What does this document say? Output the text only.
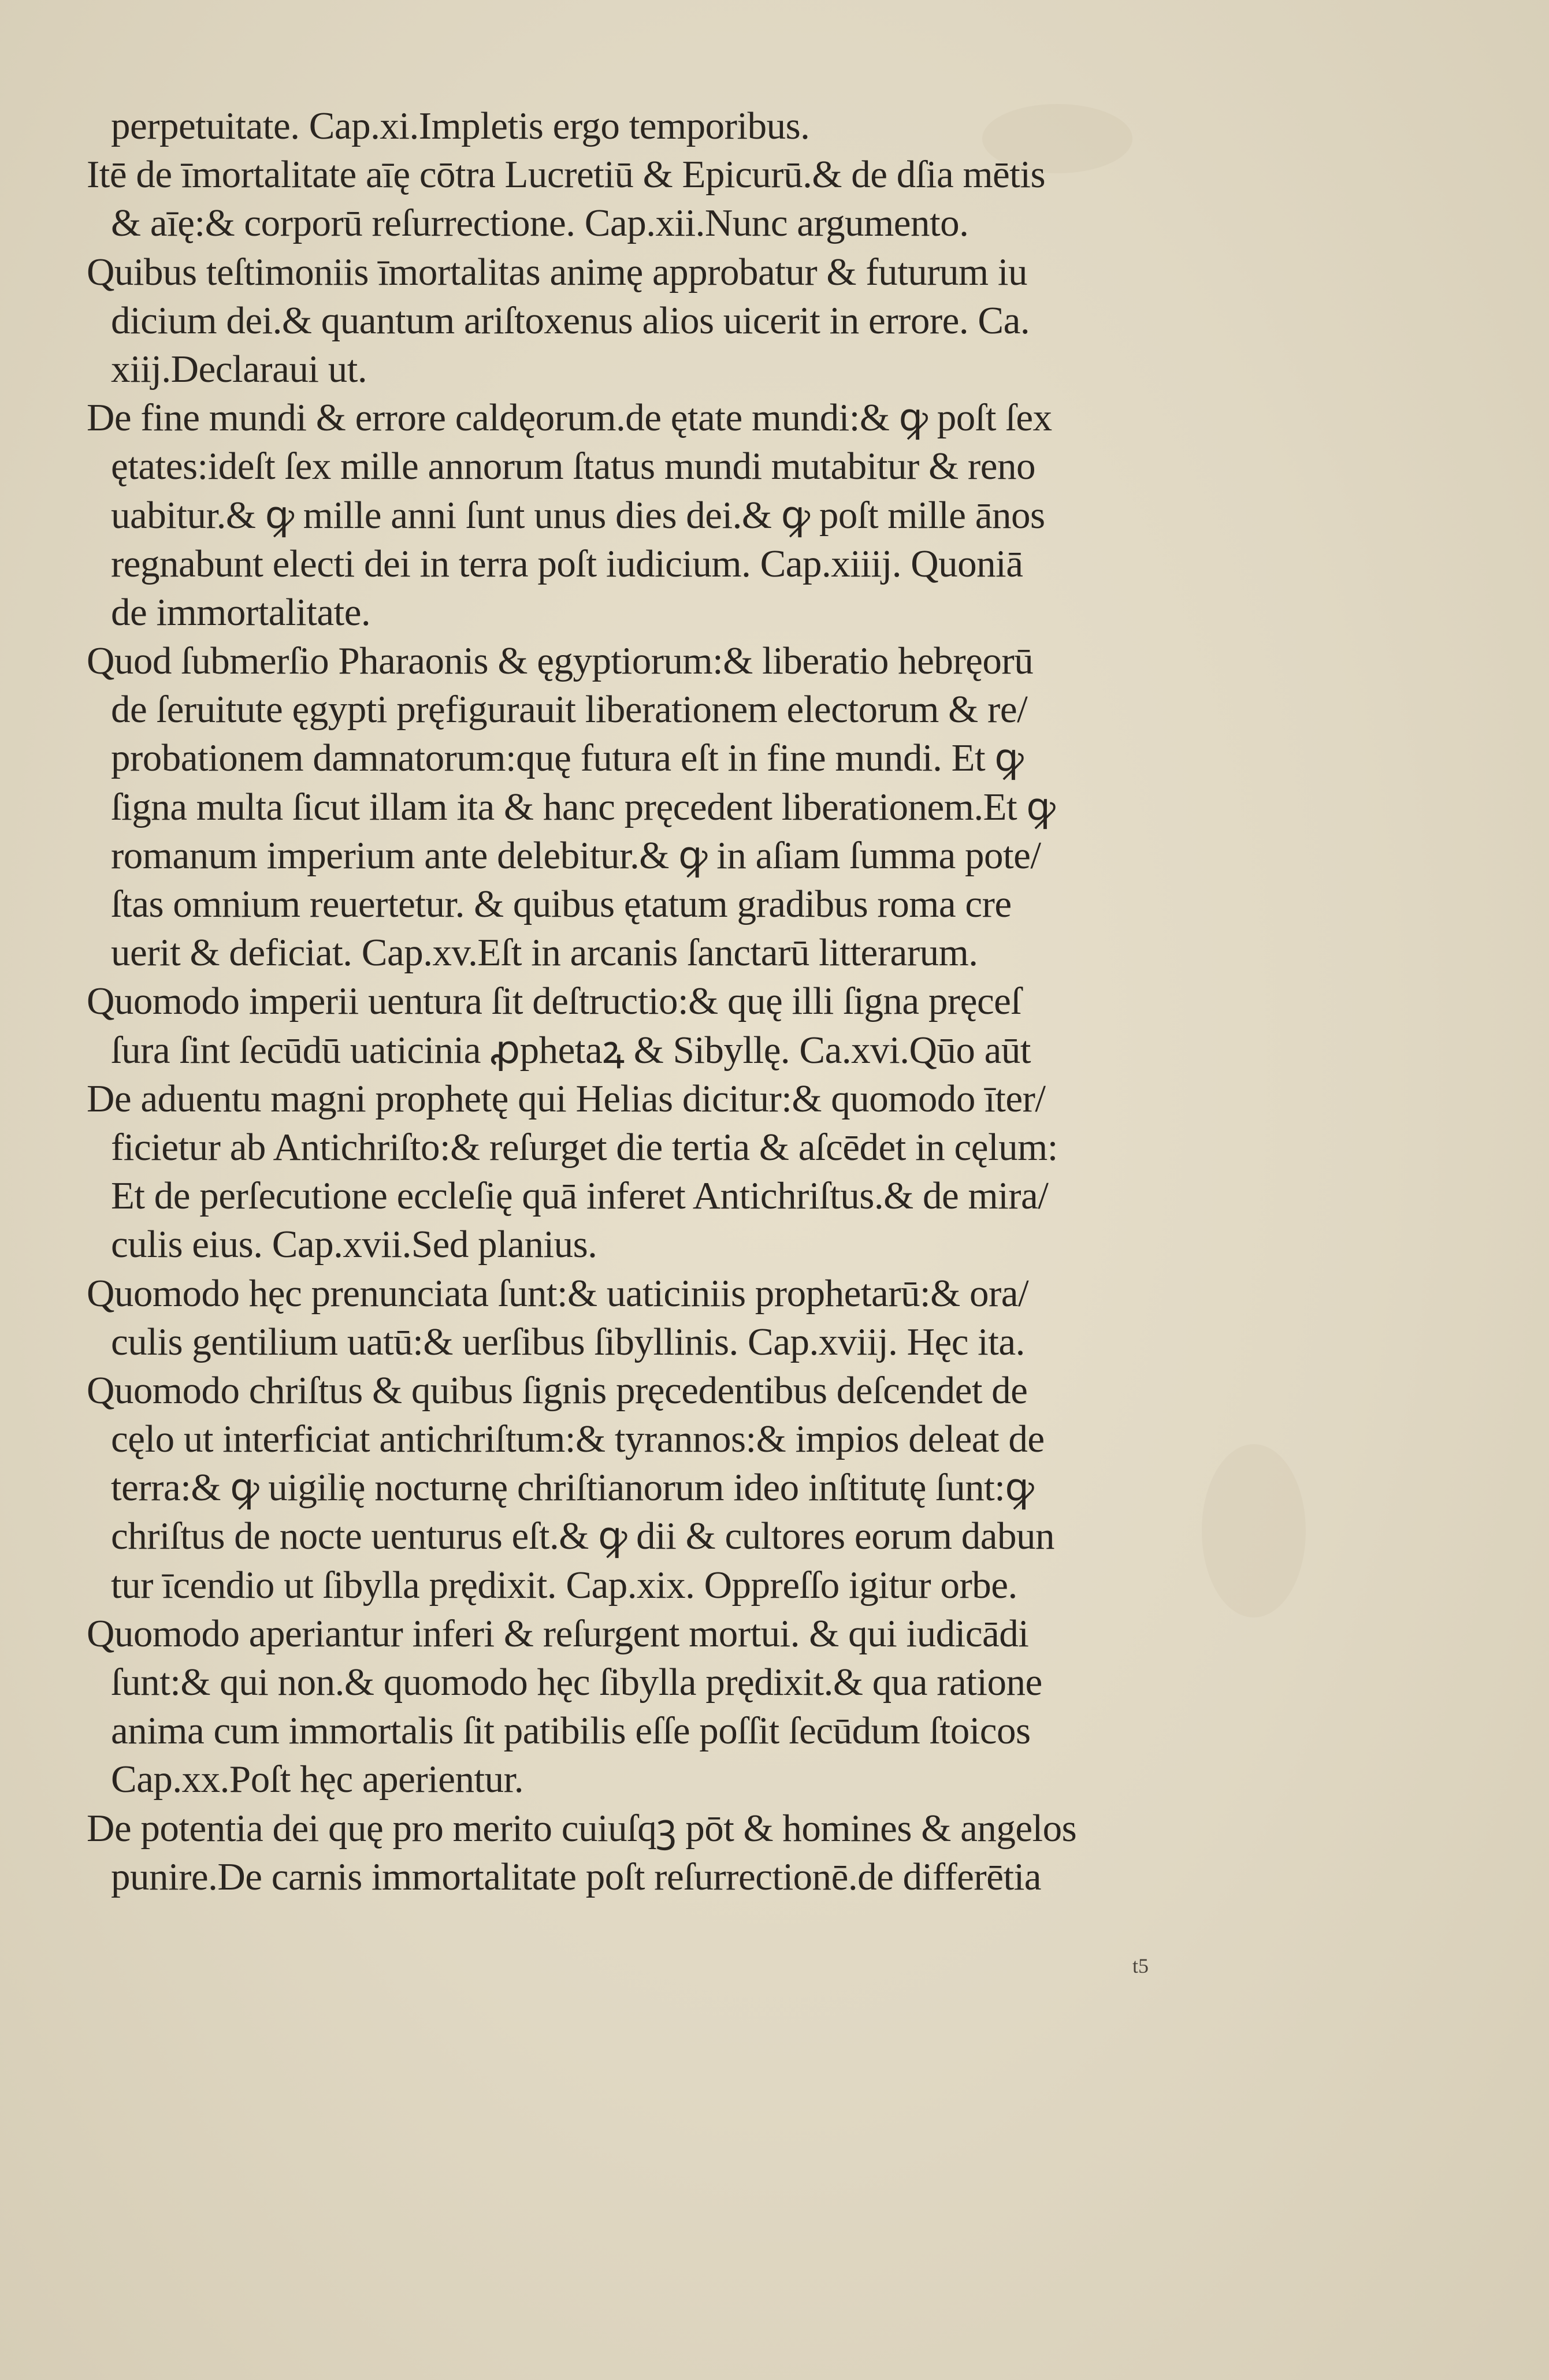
perpetuitate. Cap.xi.Impletis ergo temporibus.
Itē de īmortalitate aīę cōtra Lucretiū & Epicurū.& de dſia mētis
& aīę:& corporū reſurrectione. Cap.xii.Nunc argumento.
Quibus teſtimoniis īmortalitas animę approbatur & futurum iu
dicium dei.& quantum ariſtoxenus alios uicerit in errore. Ca.
xiij.Declaraui ut.
De fine mundi & errore caldęorum.de ętate mundi:& ꝙ poſt ſex
ętates:ideſt ſex mille annorum ſtatus mundi mutabitur & reno
uabitur.& ꝙ mille anni ſunt unus dies dei.& ꝙ poſt mille ānos
regnabunt electi dei in terra poſt iudicium. Cap.xiiij. Quoniā
de immortalitate.
Quod ſubmerſio Pharaonis & ęgyptiorum:& liberatio hebręorū
de ſeruitute ęgypti pręfigurauit liberationem electorum & re/
probationem damnatorum:quę futura eſt in fine mundi. Et ꝙ
ſigna multa ſicut illam ita & hanc pręcedent liberationem.Et ꝙ
romanum imperium ante delebitur.& ꝙ in aſiam ſumma pote/
ſtas omnium reuertetur. & quibus ętatum gradibus roma cre
uerit & deficiat. Cap.xv.Eſt in arcanis ſanctarū litterarum.
Quomodo imperii uentura ſit deſtructio:& quę illi ſigna pręceſ
ſura ſint ſecūdū uaticinia ꝓphetaꝝ & Sibyllę. Ca.xvi.Qūo aūt
De aduentu magni prophetę qui Helias dicitur:& quomodo īter/
ficietur ab Antichriſto:& reſurget die tertia & aſcēdet in cęlum:
Et de perſecutione eccleſię quā inferet Antichriſtus.& de mira/
culis eius. Cap.xvii.Sed planius.
Quomodo hęc prenunciata ſunt:& uaticiniis prophetarū:& ora/
culis gentilium uatū:& uerſibus ſibyllinis. Cap.xviij. Hęc ita.
Quomodo chriſtus & quibus ſignis pręcedentibus deſcendet de
cęlo ut interficiat antichriſtum:& tyrannos:& impios deleat de
terra:& ꝙ uigilię nocturnę chriſtianorum ideo inſtitutę ſunt:ꝙ
chriſtus de nocte uenturus eſt.& ꝙ dii & cultores eorum dabun
tur īcendio ut ſibylla prędixit. Cap.xix. Oppreſſo igitur orbe.
Quomodo aperiantur inferi & reſurgent mortui. & qui iudicādi
ſunt:& qui non.& quomodo hęc ſibylla prędixit.& qua ratione
anima cum immortalis ſit patibilis eſſe poſſit ſecūdum ſtoicos
Cap.xx.Poſt hęc aperientur.
De potentia dei quę pro merito cuiuſqꝫ pōt & homines & angelos
punire.De carnis immortalitate poſt reſurrectionē.de differētia
t5
